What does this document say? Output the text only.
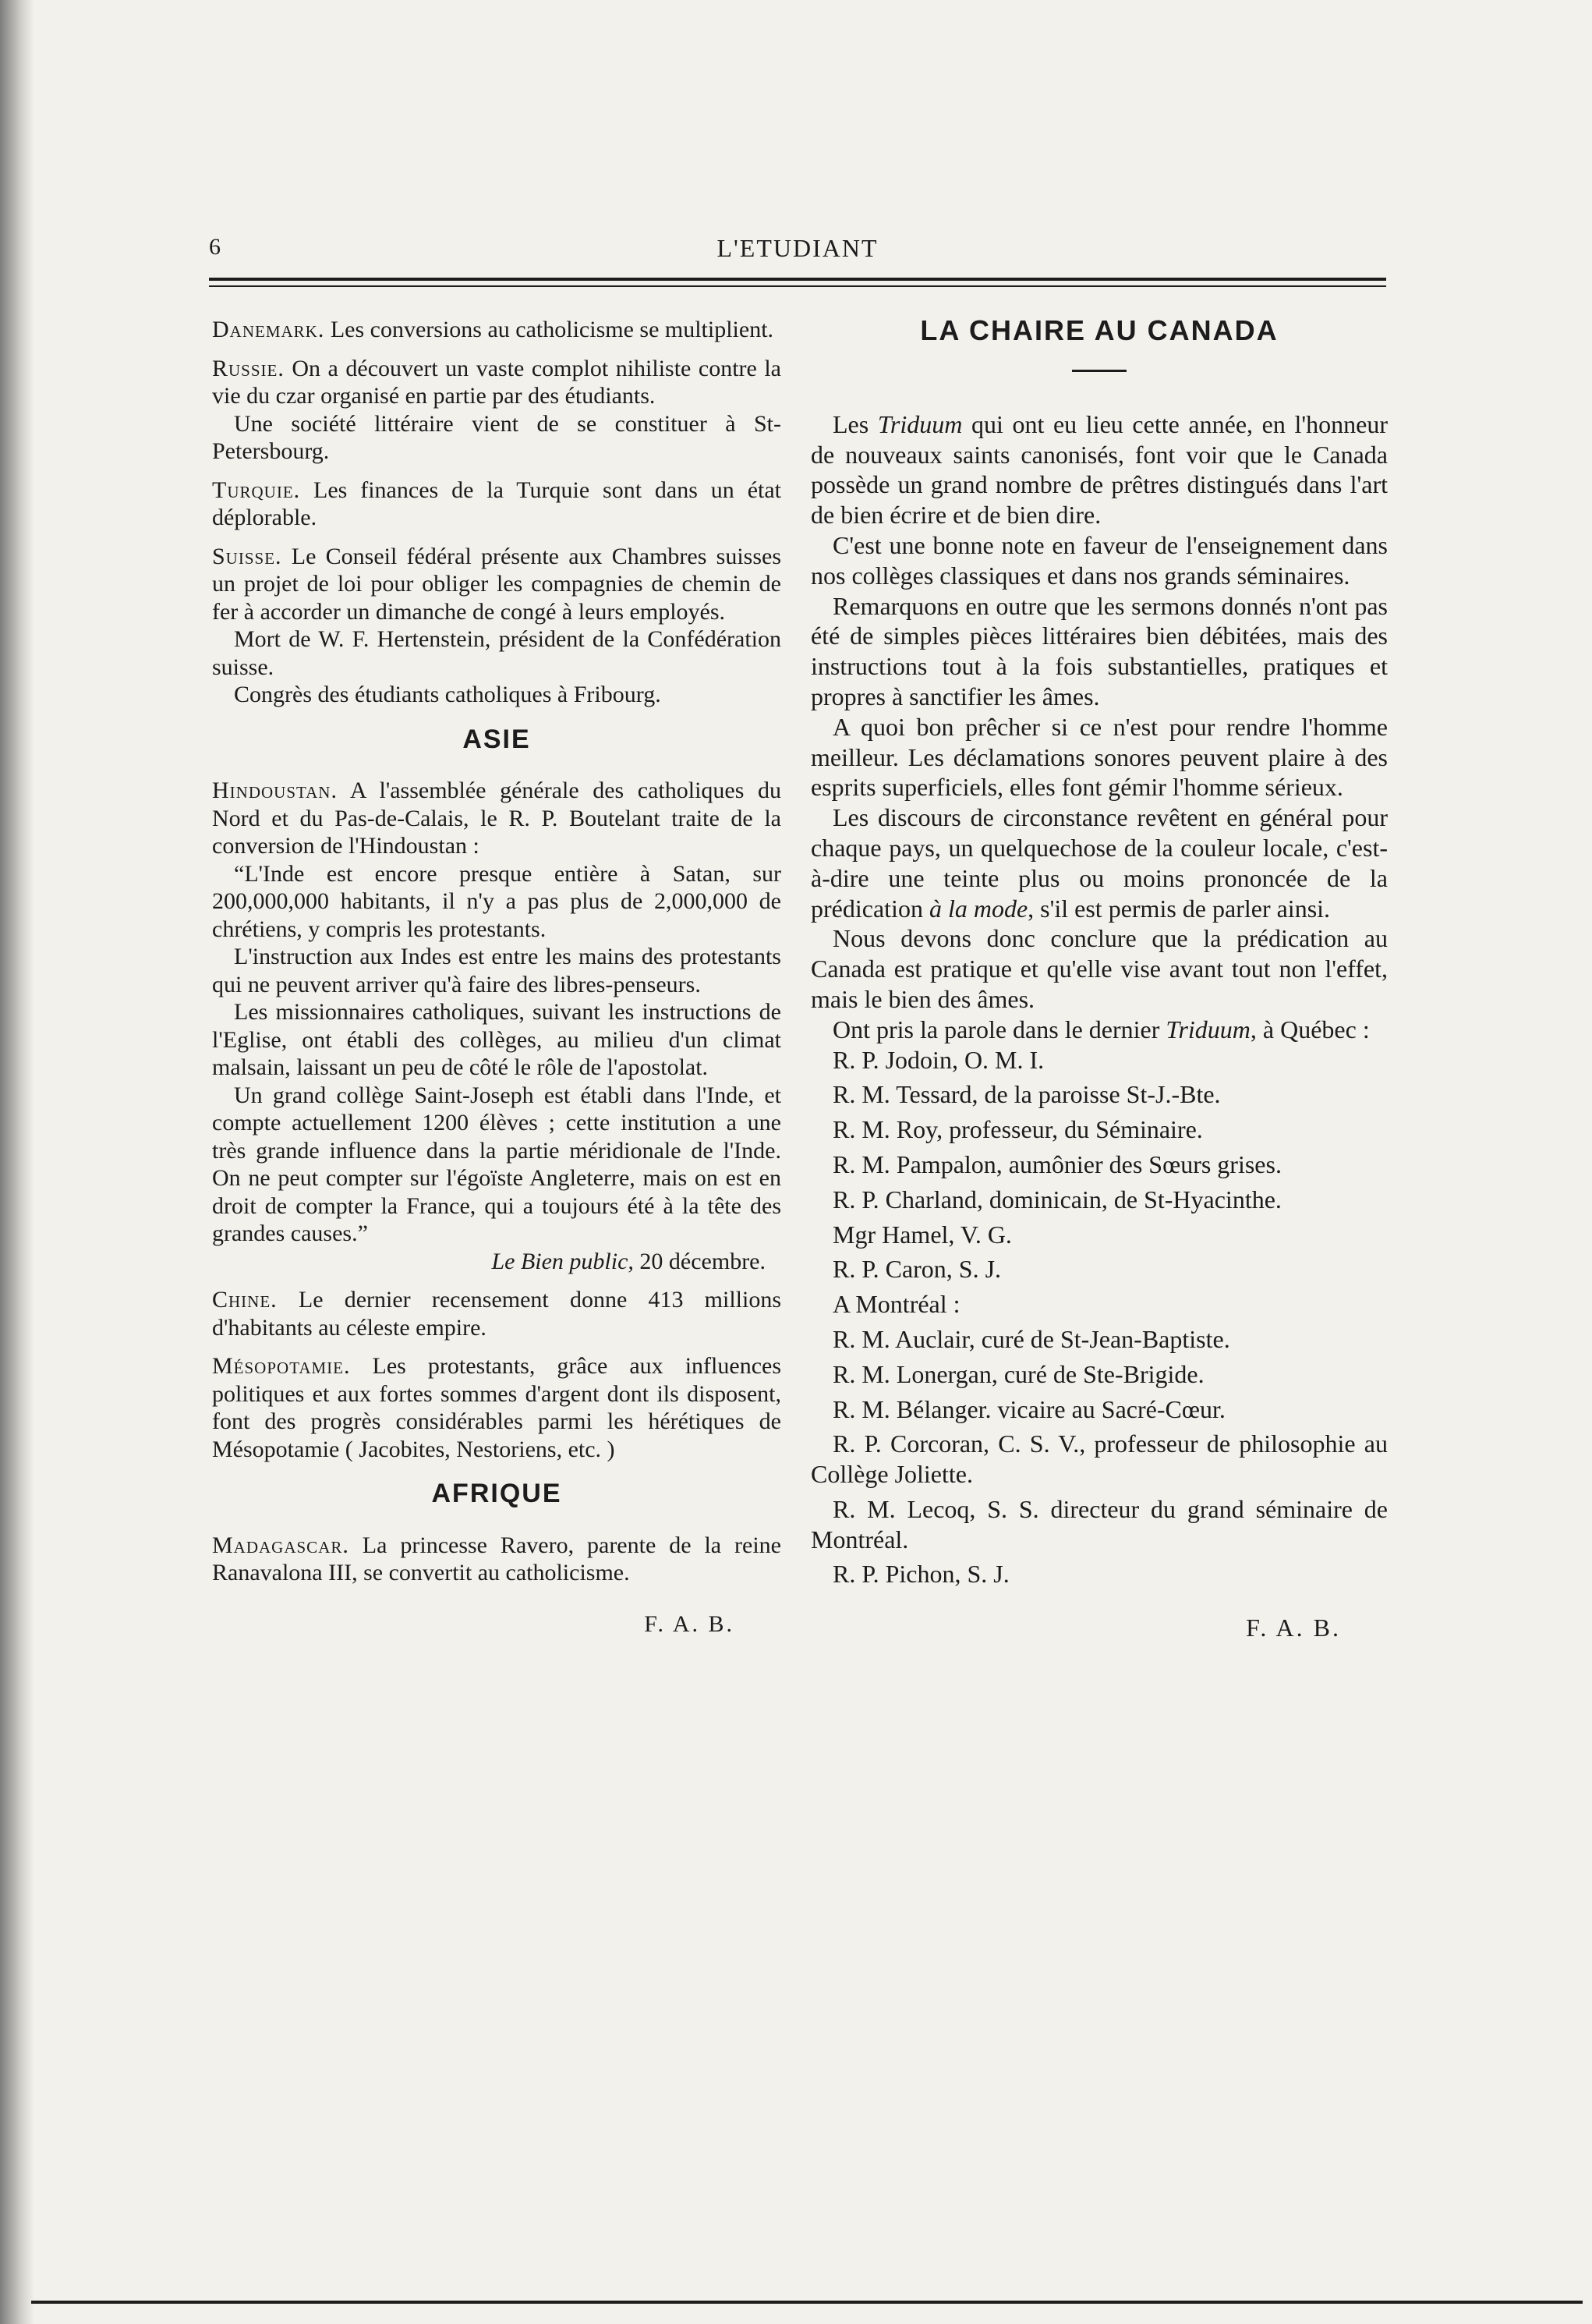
6	L'ETUDIANT

Danemark. Les conversions au catholicisme se multiplient.

Russie. On a découvert un vaste complot nihiliste contre la vie du czar organisé en partie par des étudiants.

Une société littéraire vient de se constituer à St-Petersbourg.

Turquie. Les finances de la Turquie sont dans un état déplorable.

Suisse. Le Conseil fédéral présente aux Chambres suisses un projet de loi pour obliger les compagnies de chemin de fer à accorder un dimanche de congé à leurs employés.

Mort de W. F. Hertenstein, président de la Confédération suisse.

Congrès des étudiants catholiques à Fribourg.

ASIE

Hindoustan. A l'assemblée générale des catholiques du Nord et du Pas-de-Calais, le R. P. Boutelant traite de la conversion de l'Hindoustan :

“L'Inde est encore presque entière à Satan, sur 200,000,000 habitants, il n'y a pas plus de 2,000,000 de chrétiens, y compris les protestants.

L'instruction aux Indes est entre les mains des protestants qui ne peuvent arriver qu'à faire des libres-penseurs.

Les missionnaires catholiques, suivant les instructions de l'Eglise, ont établi des collèges, au milieu d'un climat malsain, laissant un peu de côté le rôle de l'apostolat.

Un grand collège Saint-Joseph est établi dans l'Inde, et compte actuellement 1200 élèves ; cette institution a une très grande influence dans la partie méridionale de l'Inde. On ne peut compter sur l'égoïste Angleterre, mais on est en droit de compter la France, qui a toujours été à la tête des grandes causes.”

Le Bien public, 20 décembre.

Chine. Le dernier recensement donne 413 millions d'habitants au céleste empire.

Mésopotamie. Les protestants, grâce aux influences politiques et aux fortes sommes d'argent dont ils disposent, font des progrès considérables parmi les hérétiques de Mésopotamie ( Jacobites, Nestoriens, etc. )

AFRIQUE

Madagascar. La princesse Ravero, parente de la reine Ranavalona III, se convertit au catholicisme.

F. A. B.
LA CHAIRE AU CANADA

Les Triduum qui ont eu lieu cette année, en l'honneur de nouveaux saints canonisés, font voir que le Canada possède un grand nombre de prêtres distingués dans l'art de bien écrire et de bien dire.

C'est une bonne note en faveur de l'enseignement dans nos collèges classiques et dans nos grands séminaires.

Remarquons en outre que les sermons donnés n'ont pas été de simples pièces littéraires bien débitées, mais des instructions tout à la fois substantielles, pratiques et propres à sanctifier les âmes.

A quoi bon prêcher si ce n'est pour rendre l'homme meilleur. Les déclamations sonores peuvent plaire à des esprits superficiels, elles font gémir l'homme sérieux.

Les discours de circonstance revêtent en général pour chaque pays, un quelquechose de la couleur locale, c'est-à-dire une teinte plus ou moins prononcée de la prédication à la mode, s'il est permis de parler ainsi.

Nous devons donc conclure que la prédication au Canada est pratique et qu'elle vise avant tout non l'effet, mais le bien des âmes.

Ont pris la parole dans le dernier Triduum, à Québec :

R. P. Jodoin, O. M. I.

R. M. Tessard, de la paroisse St-J.-Bte.

R. M. Roy, professeur, du Séminaire.

R. M. Pampalon, aumônier des Sœurs grises.

R. P. Charland, dominicain, de St-Hyacinthe.

Mgr Hamel, V. G.

R. P. Caron, S. J.

A Montréal :

R. M. Auclair, curé de St-Jean-Baptiste.

R. M. Lonergan, curé de Ste-Brigide.

R. M. Bélanger. vicaire au Sacré-Cœur.

R. P. Corcoran, C. S. V., professeur de philosophie au Collège Joliette.

R. M. Lecoq, S. S. directeur du grand séminaire de Montréal.

R. P. Pichon, S. J.

F. A. B.
